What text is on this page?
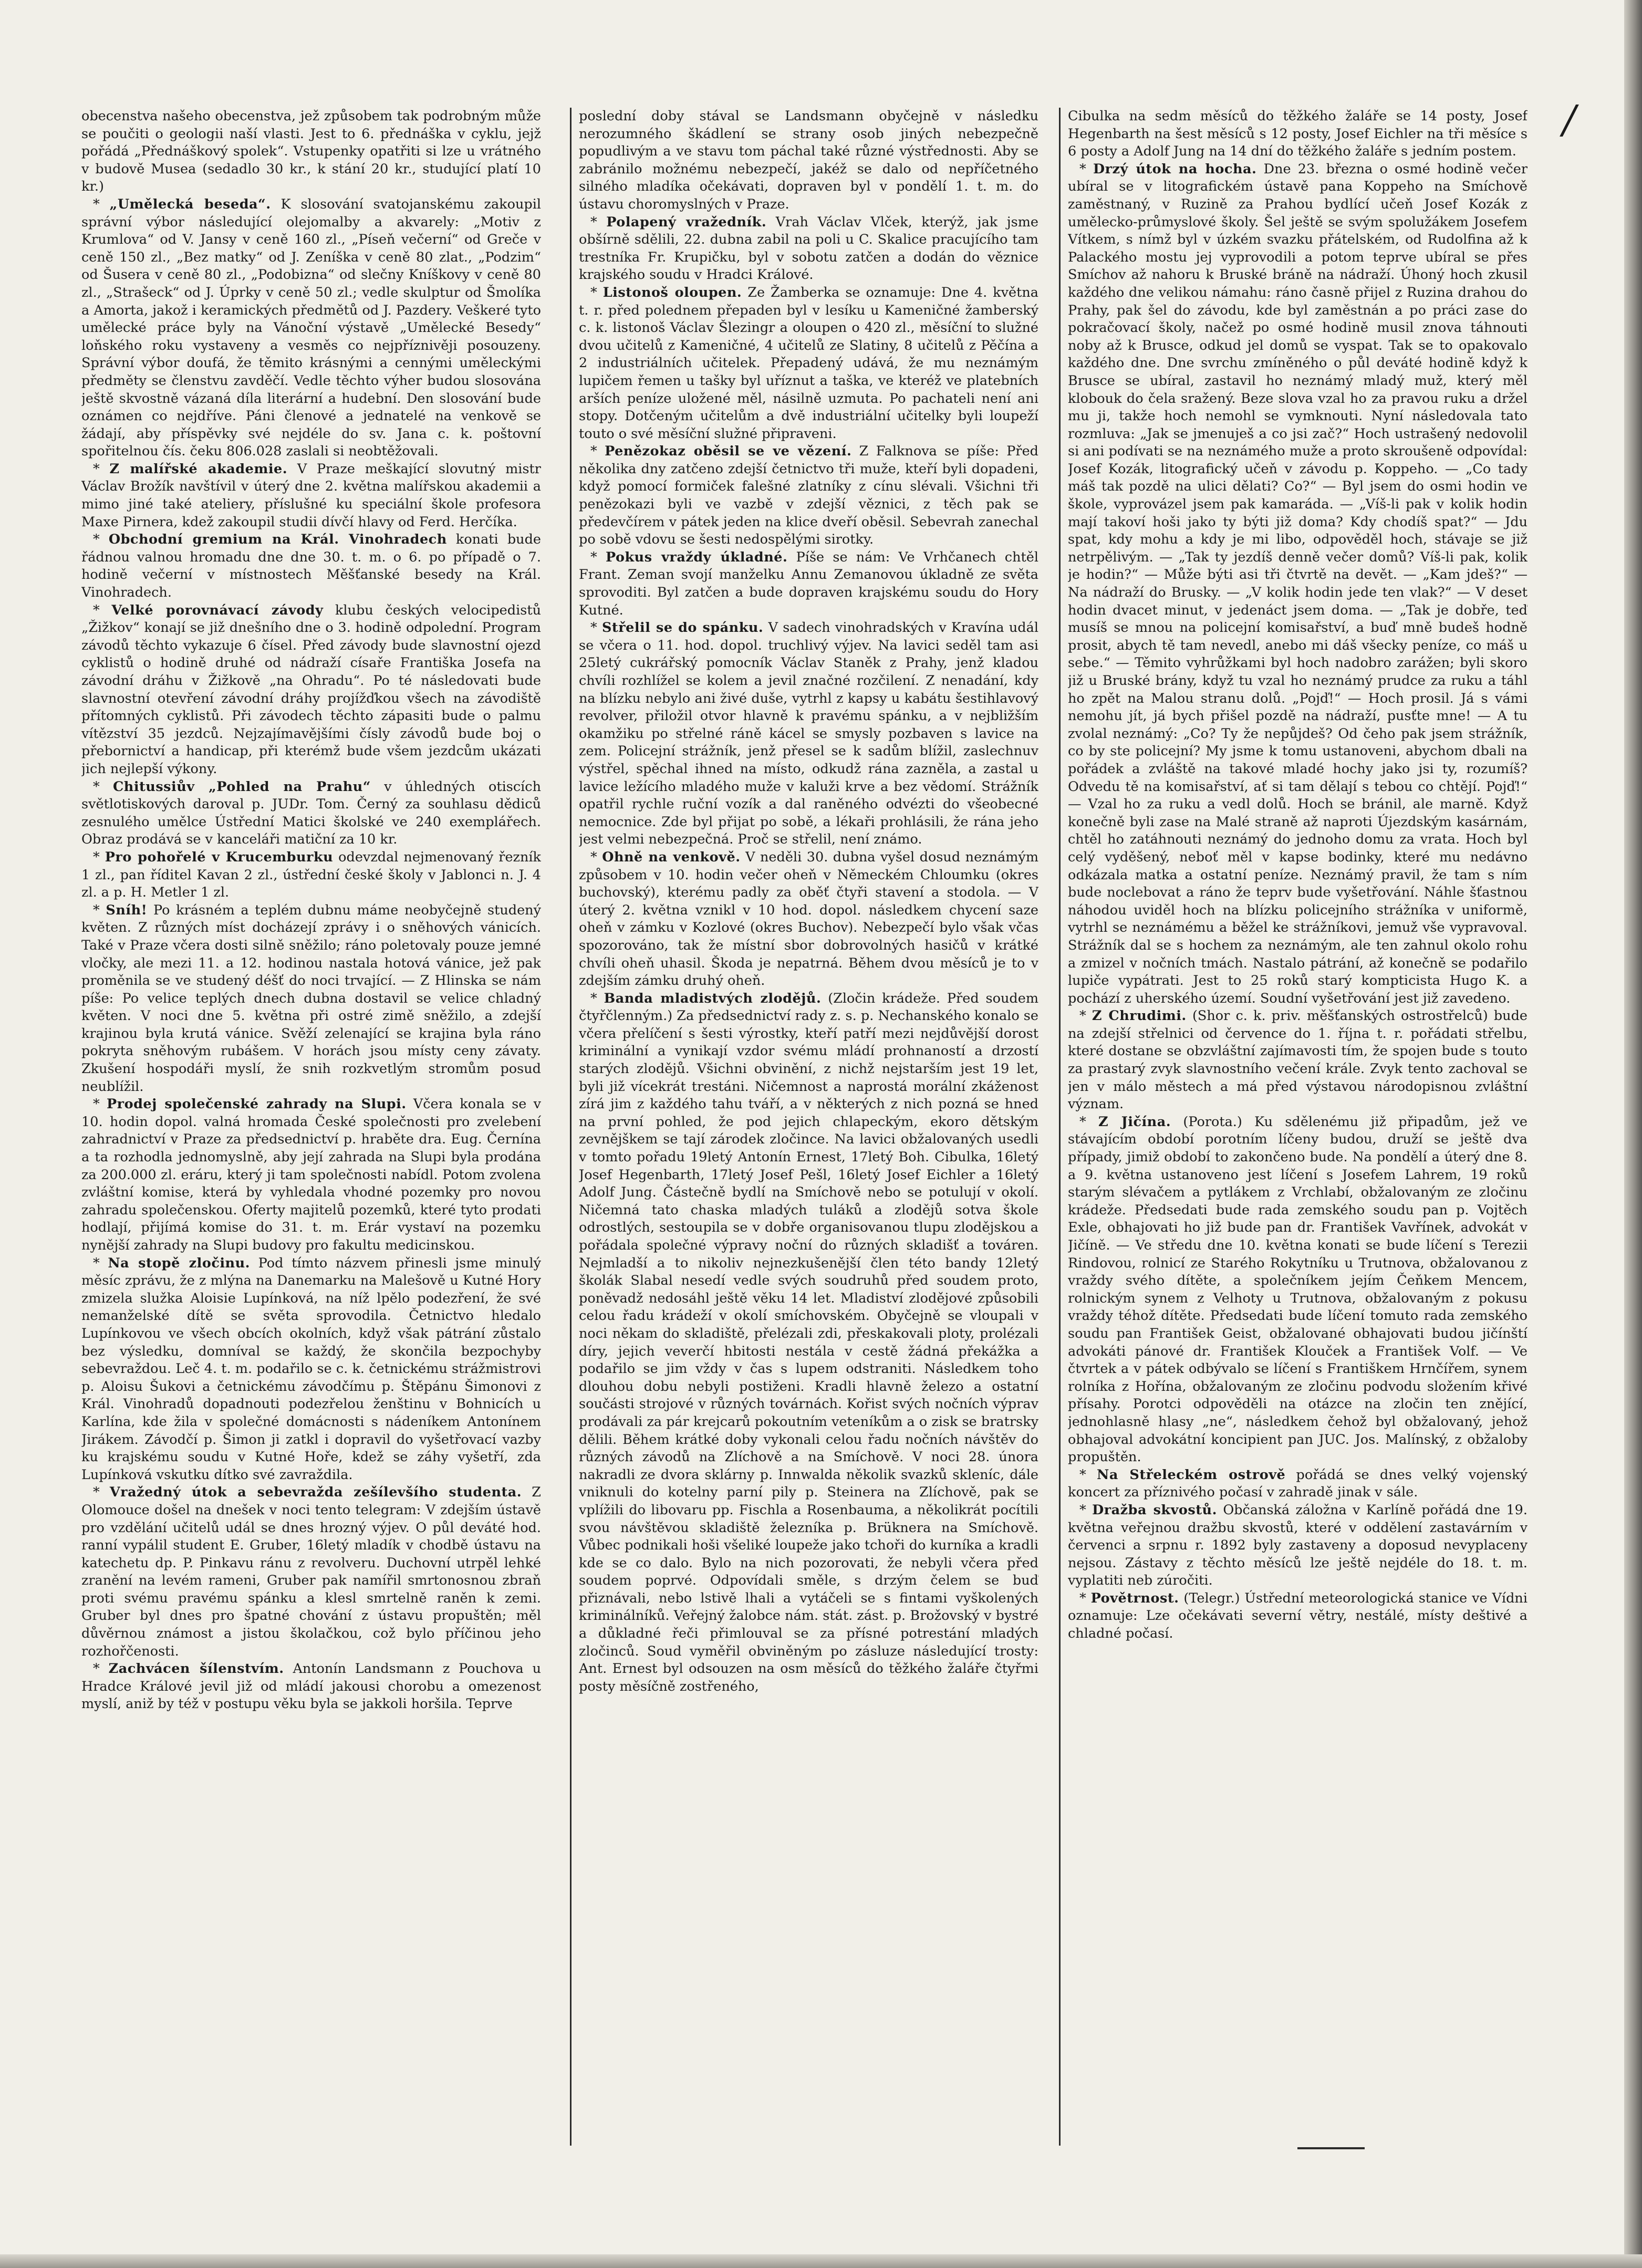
obecenstva našeho obecenstva, jež způsobem tak podrobným může se poučiti o geologii naší vlasti. Jest to 6. přednáška v cyklu, jejž pořádá „Přednáškový spolek“. Vstupenky opatřiti si lze u vrátného v budově Musea (sedadlo 30 kr., k stání 20 kr., studující platí 10 kr.)

* „Umělecká beseda“. K slosování svatojanskému zakoupil správní výbor následující olejomalby a akvarely: „Motiv z Krumlova“ od V. Jansy v ceně 160 zl., „Píseň večerní“ od Greče v ceně 150 zl., „Bez matky“ od J. Zeníška v ceně 80 zlat., „Podzim“ od Šusera v ceně 80 zl., „Podobizna“ od slečny Kníškovy v ceně 80 zl., „Strašeck“ od J. Úprky v ceně 50 zl.; vedle skulptur od Šmolíka a Amorta, jakož i keramických předmětů od J. Pazdery. Veškeré tyto umělecké práce byly na Vánoční výstavě „Umělecké Besedy“ loňského roku vystaveny a vesměs co nejpříznivěji posouzeny. Správní výbor doufá, že těmito krásnými a cennými uměleckými předměty se členstvu zavděčí. Vedle těchto výher budou slosována ještě skvostně vázaná díla literární a hudební. Den slosování bude oznámen co nejdříve. Páni členové a jednatelé na venkově se žádají, aby příspěvky své nejdéle do sv. Jana c. k. poštovní spořitelnou čís. čeku 806.028 zaslali si neobtěžovali.

* Z malířské akademie. V Praze meškající slovutný mistr Václav Brožík navštívil v úterý dne 2. května malířskou akademii a mimo jiné také ateliery, příslušné ku speciální škole profesora Maxe Pirnera, kdež zakoupil studii dívčí hlavy od Ferd. Herčíka.

* Obchodní gremium na Král. Vinohradech konati bude řádnou valnou hromadu dne dne 30. t. m. o 6. po případě o 7. hodině večerní v místnostech Měšťanské besedy na Král. Vinohradech.

* Velké porovnávací závody klubu českých velocipedistů „Žižkov“ konají se již dnešního dne o 3. hodině odpolední. Program závodů těchto vykazuje 6 čísel. Před závody bude slavnostní ojezd cyklistů o hodině druhé od nádraží císaře Františka Josefa na závodní dráhu v Žižkově „na Ohradu“. Po té následovati bude slavnostní otevření závodní dráhy projížďkou všech na závodiště přítomných cyklistů. Při závodech těchto zápasiti bude o palmu vítězství 35 jezdců. Nejzajímavějšími čísly závodů bude boj o přebornictví a handicap, při kterémž bude všem jezdcům ukázati jich nejlepší výkony.

* Chitussiův „Pohled na Prahu“ v úhledných otiscích světlotiskových daroval p. JUDr. Tom. Černý za souhlasu dědiců zesnulého umělce Ústřední Matici školské ve 240 exemplářech. Obraz prodává se v kanceláři matiční za 10 kr.

* Pro pohořelé v Krucemburku odevzdal nejmenovaný řezník 1 zl., pan říditel Kavan 2 zl., ústřední české školy v Jablonci n. J. 4 zl. a p. H. Metler 1 zl.

* Sníh! Po krásném a teplém dubnu máme neobyčejně studený květen. Z různých míst docházejí zprávy i o sněhových vánicích. Také v Praze včera dosti silně sněžilo; ráno poletovaly pouze jemné vločky, ale mezi 11. a 12. hodinou nastala hotová vánice, jež pak proměnila se ve studený déšť do noci trvající. — Z Hlinska se nám píše: Po velice teplých dnech dubna dostavil se velice chladný květen. V noci dne 5. května při ostré zimě sněžilo, a zdejší krajinou byla krutá vánice. Svěží zelenající se krajina byla ráno pokryta sněhovým rubášem. V horách jsou místy ceny závaty. Zkušení hospodáři myslí, že snih rozkvetlým stromům posud neublížil.

* Prodej společenské zahrady na Slupi. Včera konala se v 10. hodin dopol. valná hromada České společnosti pro zvelebení zahradnictví v Praze za předsednictví p. hraběte dra. Eug. Černína a ta rozhodla jednomyslně, aby její zahrada na Slupi byla prodána za 200.000 zl. eráru, který ji tam společnosti nabídl. Potom zvolena zvláštní komise, která by vyhledala vhodné pozemky pro novou zahradu společenskou. Oferty majitelů pozemků, které tyto prodati hodlají, přijímá komise do 31. t. m. Erár vystaví na pozemku nynější zahrady na Slupi budovy pro fakultu medicinskou.

* Na stopě zločinu. Pod tímto názvem přinesli jsme minulý měsíc zprávu, že z mlýna na Danemarku na Malešově u Kutné Hory zmizela služka Aloisie Lupínková, na níž lpělo podezření, že své nemanželské dítě se světa sprovodila. Četnictvo hledalo Lupínkovou ve všech obcích okolních, když však pátrání zůstalo bez výsledku, domníval se každý, že skončila bezpochyby sebevraždou. Leč 4. t. m. podařilo se c. k. četnickému strážmistrovi p. Aloisu Šukovi a četnickému závodčímu p. Štěpánu Šimonovi z Král. Vinohradů dopadnouti podezřelou ženštinu v Bohnicích u Karlína, kde žila v společné domácnosti s nádeníkem Antonínem Jirákem. Závodčí p. Šimon ji zatkl i dopravil do vyšetřovací vazby ku krajskému soudu v Kutné Hoře, kdež se záhy vyšetří, zda Lupínková vskutku dítko své zavraždila.

* Vražedný útok a sebevražda zešílevšího studenta. Z Olomouce došel na dnešek v noci tento telegram: V zdejším ústavě pro vzdělání učitelů udál se dnes hrozný výjev. O půl deváté hod. ranní vypálil student E. Gruber, 16letý mladík v chodbě ústavu na katechetu dp. P. Pinkavu ránu z revolveru. Duchovní utrpěl lehké zranění na levém rameni, Gruber pak namířil smrtonosnou zbraň proti svému pravému spánku a klesl smrtelně raněn k zemi. Gruber byl dnes pro špatné chování z ústavu propuštěn; měl důvěrnou známost a jistou školačkou, což bylo příčinou jeho rozhořčenosti.

* Zachvácen šílenstvím. Antonín Landsmann z Pouchova u Hradce Králové jevil již od mládí jakousi chorobu a omezenost myslí, aniž by též v postupu věku byla se jakkoli horšila. Teprve

poslední doby stával se Landsmann obyčejně v následku nerozumného škádlení se strany osob jiných nebezpečně popudlivým a ve stavu tom páchal také různé výstřednosti. Aby se zabránilo možnému nebezpečí, jakéž se dalo od nepříčetného silného mladíka očekávati, dopraven byl v pondělí 1. t. m. do ústavu choromyslných v Praze.

* Polapený vražedník. Vrah Václav Vlček, kterýž, jak jsme obšírně sdělili, 22. dubna zabil na poli u C. Skalice pracujícího tam trestníka Fr. Krupičku, byl v sobotu zatčen a dodán do věznice krajského soudu v Hradci Králové.

* Listonoš oloupen. Ze Žamberka se oznamuje: Dne 4. května t. r. před polednem přepaden byl v lesíku u Kameničné žamberský c. k. listonoš Václav Šlezingr a oloupen o 420 zl., měsíční to služné dvou učitelů z Kameničné, 4 učitelů ze Slatiny, 8 učitelů z Pěčína a 2 industriálních učitelek. Přepadený udává, že mu neznámým lupičem řemen u tašky byl uříznut a taška, ve kteréž ve platebních arších peníze uložené měl, násilně uzmuta. Po pachateli není ani stopy. Dotčeným učitelům a dvě industriální učitelky byli loupeží touto o své měsíční služné připraveni.

* Penězokaz oběsil se ve vězení. Z Falknova se píše: Před několika dny zatčeno zdejší četnictvo tři muže, kteří byli dopadeni, když pomocí formiček falešné zlatníky z cínu slévali. Všichni tři penězokazi byli ve vazbě v zdejší věznici, z těch pak se předevčírem v pátek jeden na klice dveří oběsil. Sebevrah zanechal po sobě vdovu se šesti nedospělými sirotky.

* Pokus vraždy úkladné. Píše se nám: Ve Vrhčanech chtěl Frant. Zeman svojí manželku Annu Zemanovou úkladně ze světa sprovoditi. Byl zatčen a bude dopraven krajskému soudu do Hory Kutné.

* Střelil se do spánku. V sadech vinohradských v Kravína udál se včera o 11. hod. dopol. truchlivý výjev. Na lavici seděl tam asi 25letý cukrářský pomocník Václav Staněk z Prahy, jenž kladou chvíli rozhlížel se kolem a jevil značné rozčilení. Z nenadání, kdy na blízku nebylo ani živé duše, vytrhl z kapsy u kabátu šestihlavový revolver, přiložil otvor hlavně k pravému spánku, a v nejbližším okamžiku po střelné ráně kácel se smysly pozbaven s lavice na zem. Policejní strážník, jenž přesel se k sadům blížil, zaslechnuv výstřel, spěchal ihned na místo, odkudž rána zazněla, a zastal u lavice ležícího mladého muže v kaluži krve a bez vědomí. Strážník opatřil rychle ruční vozík a dal raněného odvézti do všeobecné nemocnice. Zde byl přijat po sobě, a lékaři prohlásili, že rána jeho jest velmi nebezpečná. Proč se střelil, není známo.

* Ohně na venkově. V neděli 30. dubna vyšel dosud neznámým způsobem v 10. hodin večer oheň v Německém Chloumku (okres buchovský), kterému padly za oběť čtyři stavení a stodola. — V úterý 2. května vznikl v 10 hod. dopol. následkem chycení saze oheň v zámku v Kozlové (okres Buchov). Nebezpečí bylo však včas spozorováno, tak že místní sbor dobrovolných hasičů v krátké chvíli oheň uhasil. Škoda je nepatrná. Během dvou měsíců je to v zdejším zámku druhý oheň.

* Banda mladistvých zlodějů. (Zločin krádeže. Před soudem čtyřčlenným.) Za předsednictví rady z. s. p. Nechanského konalo se včera přelíčení s šesti výrostky, kteří patří mezi nejdůvější dorost kriminální a vynikají vzdor svému mládí prohnaností a drzostí starých zlodějů. Všichni obvinění, z nichž nejstarším jest 19 let, byli již vícekrát trestáni. Ničemnost a naprostá morální zkáženost zírá jim z každého tahu tváří, a v některých z nich pozná se hned na první pohled, že pod jejich chlapeckým, ekoro dětským zevnějškem se tají zárodek zločince. Na lavici obžalovaných usedli v tomto pořadu 19letý Antonín Ernest, 17letý Boh. Cibulka, 16letý Josef Hegenbarth, 17letý Josef Pešl, 16letý Josef Eichler a 16letý Adolf Jung. Částečně bydlí na Smíchově nebo se potulují v okolí. Ničemná tato chaska mladých tuláků a zlodějů sotva škole odrostlých, sestoupila se v dobře organisovanou tlupu zlodějskou a pořádala společné výpravy noční do různých skladišť a továren. Nejmladší a to nikoliv nejnezkušenější člen této bandy 12letý školák Slabal nesedí vedle svých soudruhů před soudem proto, poněvadž nedosáhl ještě věku 14 let. Mladiství zlodějové způsobili celou řadu krádeží v okolí smíchovském. Obyčejně se vloupali v noci někam do skladiště, přelézali zdi, přeskakovali ploty, prolézali díry, jejich veverčí hbitosti nestála v cestě žádná překážka a podařilo se jim vždy v čas s lupem odstraniti. Následkem toho dlouhou dobu nebyli postiženi. Kradli hlavně železo a ostatní součásti strojové v různých továrnách. Kořist svých nočních výprav prodávali za pár krejcarů pokoutním veteníkům a o zisk se bratrsky dělili. Během krátké doby vykonali celou řadu nočních návštěv do různých závodů na Zlíchově a na Smíchově. V noci 28. února nakradli ze dvora sklárny p. Innwalda několik svazků skleníc, dále vniknuli do kotelny parní pily p. Steinera na Zlíchově, pak se vplížili do libovaru pp. Fischla a Rosenbauma, a několikrát pocítili svou návštěvou skladiště železníka p. Brüknera na Smíchově. Vůbec podnikali hoši všeliké loupeže jako tchoři do kurníka a kradli kde se co dalo. Bylo na nich pozorovati, že nebyli včera před soudem poprvé. Odpovídali směle, s drzým čelem se buď přiznávali, nebo lstivě lhali a vytáčeli se s fintami vyškolených kriminálníků. Veřejný žalobce nám. stát. zást. p. Brožovský v bystré a důkladné řeči přimlouval se za přísné potrestání mladých zločinců. Soud vyměřil obviněným po zásluze následující trosty: Ant. Ernest byl odsouzen na osm měsíců do těžkého žaláře čtyřmi posty měsíčně zostřeného,

Cibulka na sedm měsíců do těžkého žaláře se 14 posty, Josef Hegenbarth na šest měsíců s 12 posty, Josef Eichler na tři měsíce s 6 posty a Adolf Jung na 14 dní do těžkého žaláře s jedním postem.

* Drzý útok na hocha. Dne 23. března o osmé hodině večer ubíral se v litografickém ústavě pana Koppeho na Smíchově zaměstnaný, v Ruzině za Prahou bydlící učeň Josef Kozák z umělecko-průmyslové školy. Šel ještě se svým spolužákem Josefem Vítkem, s nímž byl v úzkém svazku přátelském, od Rudolfina až k Palackého mostu jej vyprovodili a potom teprve ubíral se přes Smíchov až nahoru k Bruské bráně na nádraží. Úhoný hoch zkusil každého dne velikou námahu: ráno časně přijel z Ruzina drahou do Prahy, pak šel do závodu, kde byl zaměstnán a po práci zase do pokračovací školy, načež po osmé hodině musil znova táhnouti noby až k Brusce, odkud jel domů se vyspat. Tak se to opakovalo každého dne. Dne svrchu zmíněného o půl deváté hodině když k Brusce se ubíral, zastavil ho neznámý mladý muž, který měl klobouk do čela sražený. Beze slova vzal ho za pravou ruku a držel mu ji, takže hoch nemohl se vymknouti. Nyní následovala tato rozmluva: „Jak se jmenuješ a co jsi zač?“ Hoch ustrašený nedovolil si ani podívati se na neznámého muže a proto skroušeně odpovídal: Josef Kozák, litografický učeň v závodu p. Koppeho. — „Co tady máš tak pozdě na ulici dělati? Co?“ — Byl jsem do osmi hodin ve škole, vyprovázel jsem pak kamaráda. — „Víš-li pak v kolik hodin mají takoví hoši jako ty býti již doma? Kdy chodíš spat?“ — Jdu spat, kdy mohu a kdy je mi libo, odpověděl hoch, stávaje se již netrpělivým. — „Tak ty jezdíš denně večer domů? Víš-li pak, kolik je hodin?“ — Může býti asi tři čtvrtě na devět. — „Kam jdeš?“ — Na nádraží do Brusky. — „V kolik hodin jede ten vlak?“ — V deset hodin dvacet minut, v jedenáct jsem doma. — „Tak je dobře, teď musíš se mnou na policejní komisařství, a buď mně budeš hodně prosit, abych tě tam nevedl, anebo mi dáš všecky peníze, co máš u sebe.“ — Těmito vyhrůžkami byl hoch nadobro zarážen; byli skoro již u Bruské brány, když tu vzal ho neznámý prudce za ruku a táhl ho zpět na Malou stranu dolů. „Pojď!“ — Hoch prosil. Já s vámi nemohu jít, já bych přišel pozdě na nádraží, pusťte mne! — A tu zvolal neznámý: „Co? Ty že nepůjdeš? Od čeho pak jsem strážník, co by ste policejní? My jsme k tomu ustanoveni, abychom dbali na pořádek a zvláště na takové mladé hochy jako jsi ty, rozumíš? Odvedu tě na komisařství, ať si tam dělají s tebou co chtějí. Pojď!“ — Vzal ho za ruku a vedl dolů. Hoch se bránil, ale marně. Když konečně byli zase na Malé straně až naproti Újezdským kasárnám, chtěl ho zatáhnouti neznámý do jednoho domu za vrata. Hoch byl celý vyděšený, neboť měl v kapse bodinky, které mu nedávno odkázala matka a ostatní peníze. Neznámý pravil, že tam s ním bude noclebovat a ráno že teprv bude vyšetřování. Náhle šťastnou náhodou uviděl hoch na blízku policejního strážníka v uniformě, vytrhl se neznámému a běžel ke strážníkovi, jemuž vše vypravoval. Strážník dal se s hochem za neznámým, ale ten zahnul okolo rohu a zmizel v nočních tmách. Nastalo pátrání, až konečně se podařilo lupiče vypátrati. Jest to 25 roků starý kompticista Hugo K. a pochází z uherského území. Soudní vyšetřování jest již zavedeno.

* Z Chrudimi. (Shor c. k. priv. měšťanských ostrostřelců) bude na zdejší střelnici od července do 1. října t. r. pořádati střelbu, které dostane se obzvláštní zajímavosti tím, že spojen bude s touto za prastarý zvyk slavnostního večení krále. Zvyk tento zachoval se jen v málo městech a má před výstavou národopisnou zvláštní význam.

* Z Jičína. (Porota.) Ku sdělenému již připadům, jež ve stávajícím období porotním líčeny budou, druží se ještě dva případy, jimiž období to zakončeno bude. Na pondělí a úterý dne 8. a 9. května ustanoveno jest líčení s Josefem Lahrem, 19 roků starým slévačem a pytlákem z Vrchlabí, obžalovaným ze zločinu krádeže. Předsedati bude rada zemského soudu pan p. Vojtěch Exle, obhajovati ho již bude pan dr. František Vavřínek, advokát v Jičíně. — Ve středu dne 10. května konati se bude líčení s Terezii Rindovou, rolnicí ze Starého Rokytníku u Trutnova, obžalovanou z vraždy svého dítěte, a společníkem jejím Čeňkem Mencem, rolnickým synem z Velhoty u Trutnova, obžalovaným z pokusu vraždy téhož dítěte. Předsedati bude líčení tomuto rada zemského soudu pan František Geist, obžalované obhajovati budou jičínští advokáti pánové dr. František Klouček a František Volf. — Ve čtvrtek a v pátek odbývalo se líčení s Františkem Hrnčířem, synem rolníka z Hořína, obžalovaným ze zločinu podvodu složením křivé přísahy. Porotci odpověděli na otázce na zločin ten znějící, jednohlasně hlasy „ne“, následkem čehož byl obžalovaný, jehož obhajoval advokátní koncipient pan JUC. Jos. Malínský, z obžaloby propuštěn.

* Na Střeleckém ostrově pořádá se dnes velký vojenský koncert za příznivého počasí v zahradě jinak v sále.

* Dražba skvostů. Občanská záložna v Karlíně pořádá dne 19. května veřejnou dražbu skvostů, které v oddělení zastavárním v červenci a srpnu r. 1892 byly zastaveny a doposud nevyplaceny nejsou. Zástavy z těchto měsíců lze ještě nejdéle do 18. t. m. vyplatiti neb zúročiti.

* Povětrnost. (Telegr.) Ústřední meteorologická stanice ve Vídni oznamuje: Lze očekávati severní větry, nestálé, místy deštivé a chladné počasí.

/
